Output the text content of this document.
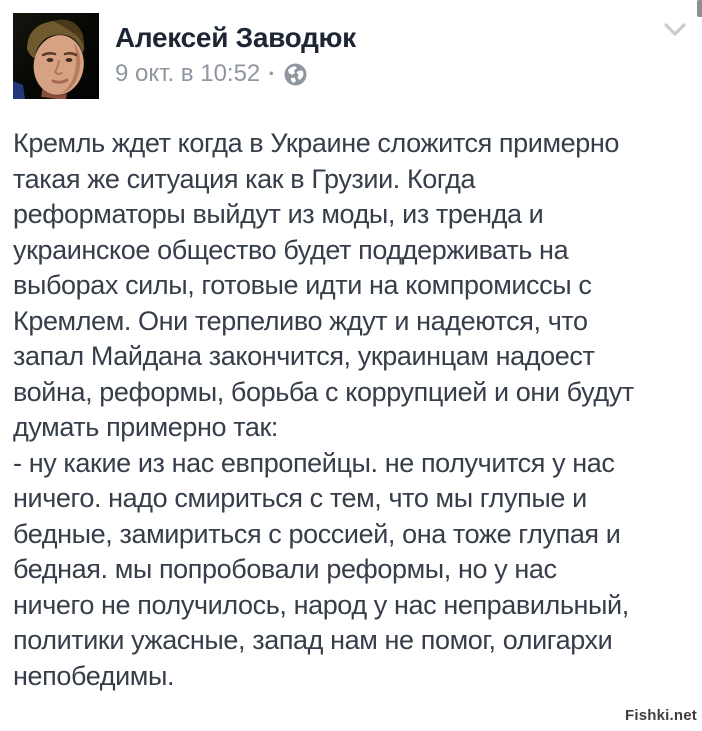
Алексей Заводюк
9 окт. в 10:52 ·
Кремль ждет когда в Украине сложится примерно
такая же ситуация как в Грузии. Когда
реформаторы выйдут из моды, из тренда и
украинское общество будет поддерживать на
выборах силы, готовые идти на компромиссы с
Кремлем. Они терпеливо ждут и надеются, что
запал Майдана закончится, украинцам надоест
война, реформы, борьба с коррупцией и они будут
думать примерно так:
- ну какие из нас евпропейцы. не получится у нас
ничего. надо смириться с тем, что мы глупые и
бедные, замириться с россией, она тоже глупая и
бедная. мы попробовали реформы, но у нас
ничего не получилось, народ у нас неправильный,
политики ужасные, запад нам не помог, олигархи
непобедимы.
Fishki.net
